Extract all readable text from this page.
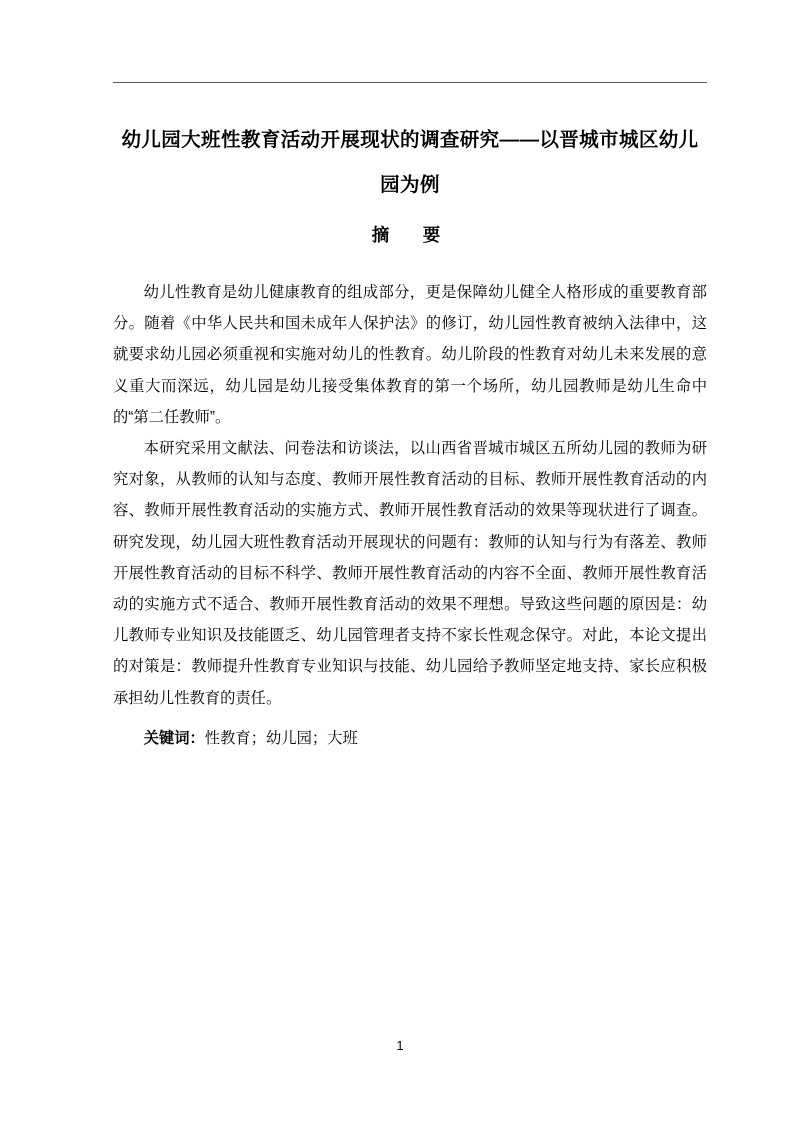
幼儿园大班性教育活动开展现状的调查研究——以晋城市城区幼儿园为例
摘　要

幼儿性教育是幼儿健康教育的组成部分，更是保障幼儿健全人格形成的重要教育部分。随着《中华人民共和国未成年人保护法》的修订，幼儿园性教育被纳入法律中，这就要求幼儿园必须重视和实施对幼儿的性教育。幼儿阶段的性教育对幼儿未来发展的意义重大而深远，幼儿园是幼儿接受集体教育的第一个场所，幼儿园教师是幼儿生命中的“第二任教师”。

本研究采用文献法、问卷法和访谈法，以山西省晋城市城区五所幼儿园的教师为研究对象，从教师的认知与态度、教师开展性教育活动的目标、教师开展性教育活动的内容、教师开展性教育活动的实施方式、教师开展性教育活动的效果等现状进行了调查。研究发现，幼儿园大班性教育活动开展现状的问题有：教师的认知与行为有落差、教师开展性教育活动的目标不科学、教师开展性教育活动的内容不全面、教师开展性教育活动的实施方式不适合、教师开展性教育活动的效果不理想。导致这些问题的原因是：幼儿教师专业知识及技能匮乏、幼儿园管理者支持不家长性观念保守。对此，本论文提出的对策是：教师提升性教育专业知识与技能、幼儿园给予教师坚定地支持、家长应积极承担幼儿性教育的责任。

关键词：性教育；幼儿园；大班
1
